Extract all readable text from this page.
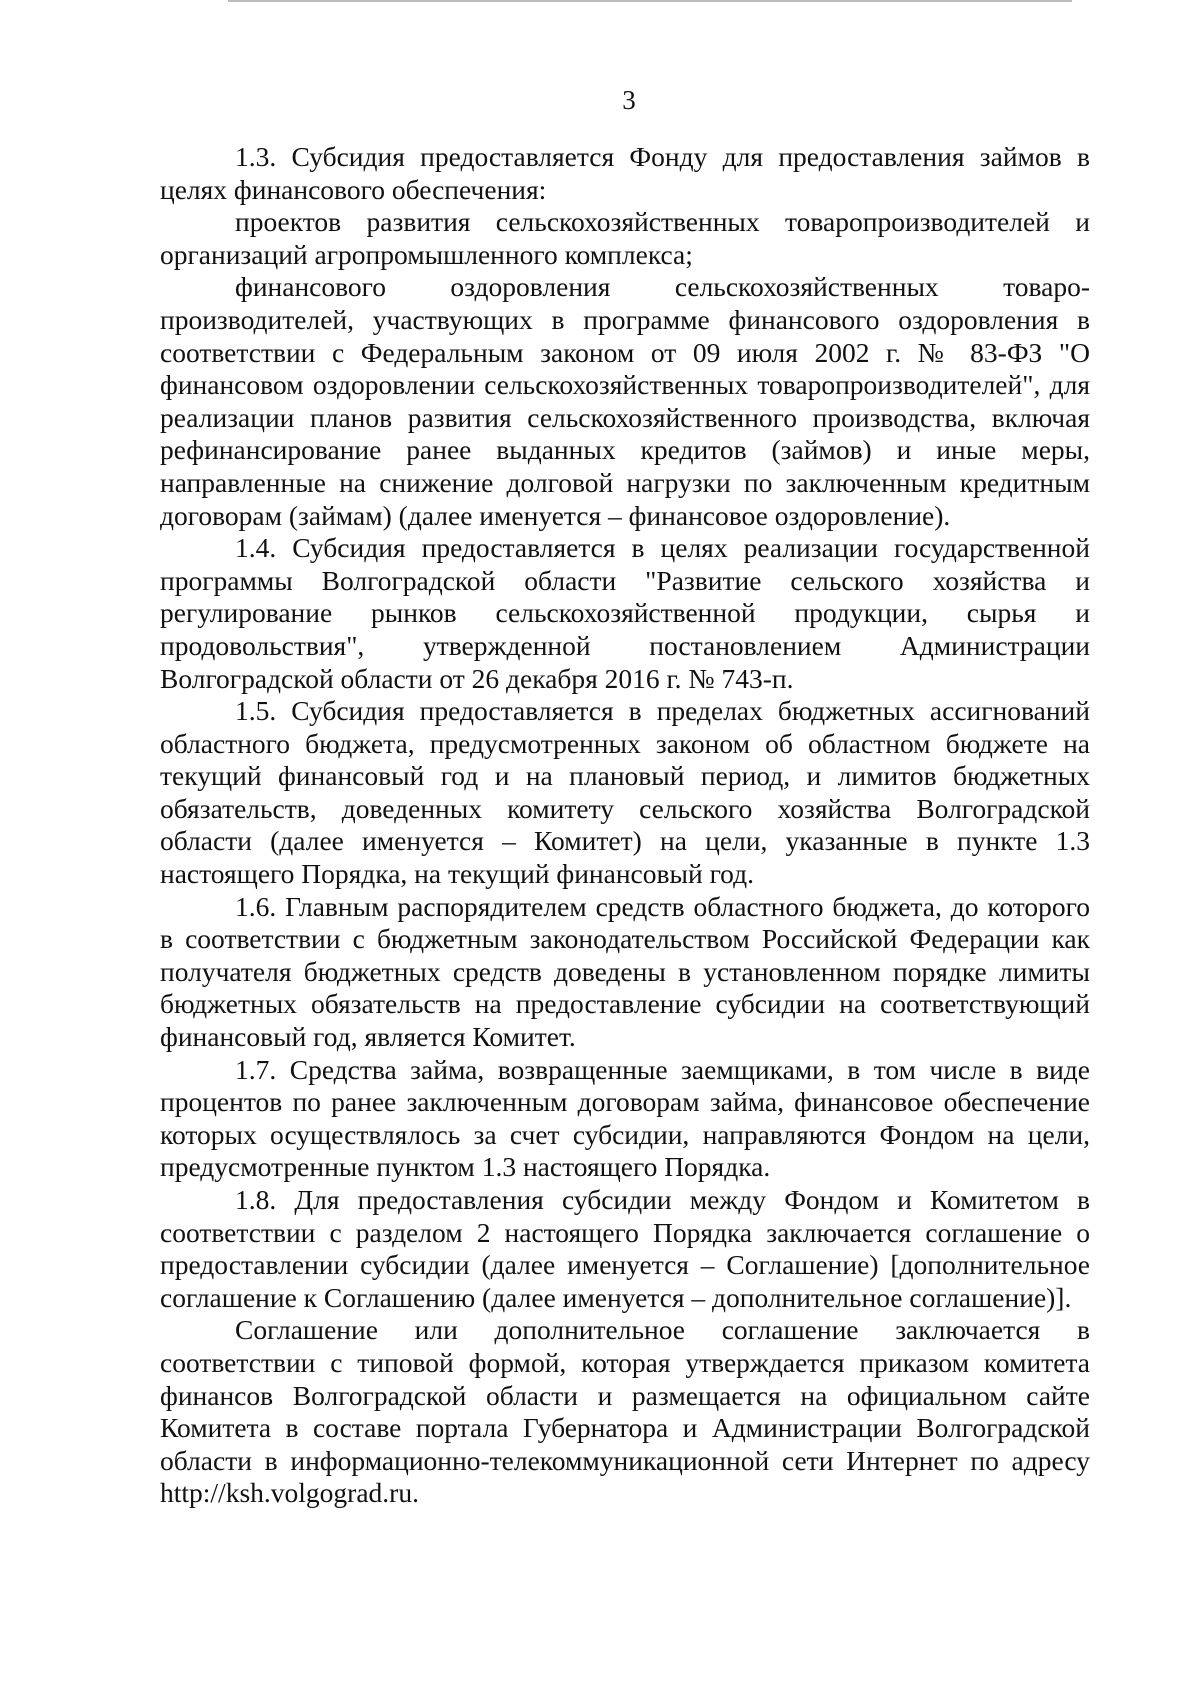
3

1.3. Субсидия предоставляется Фонду для предоставления займов в целях финансового обеспечения:

проектов развития сельскохозяйственных товаропроизводителей и организаций агропромышленного комплекса;

финансового оздоровления сельскохозяйственных товаропроизводителей, участвующих в программе финансового оздоровления в соответствии с Федеральным законом от 09 июля 2002 г. № 83-ФЗ "О финансовом оздоровлении сельскохозяйственных товаропроизводителей", для реализации планов развития сельскохозяйственного производства, включая рефинансирование ранее выданных кредитов (займов) и иные меры, направленные на снижение долговой нагрузки по заключенным кредитным договорам (займам) (далее именуется – финансовое оздоровление).

1.4. Субсидия предоставляется в целях реализации государственной программы Волгоградской области "Развитие сельского хозяйства и регулирование рынков сельскохозяйственной продукции, сырья и продовольствия", утвержденной постановлением Администрации Волгоградской области от 26 декабря 2016 г. № 743-п.

1.5. Субсидия предоставляется в пределах бюджетных ассигнований областного бюджета, предусмотренных законом об областном бюджете на текущий финансовый год и на плановый период, и лимитов бюджетных обязательств, доведенных комитету сельского хозяйства Волгоградской области (далее именуется – Комитет) на цели, указанные в пункте 1.3 настоящего Порядка, на текущий финансовый год.

1.6. Главным распорядителем средств областного бюджета, до которого в соответствии с бюджетным законодательством Российской Федерации как получателя бюджетных средств доведены в установленном порядке лимиты бюджетных обязательств на предоставление субсидии на соответствующий финансовый год, является Комитет.

1.7. Средства займа, возвращенные заемщиками, в том числе в виде процентов по ранее заключенным договорам займа, финансовое обеспечение которых осуществлялось за счет субсидии, направляются Фондом на цели, предусмотренные пунктом 1.3 настоящего Порядка.

1.8. Для предоставления субсидии между Фондом и Комитетом в соответствии с разделом 2 настоящего Порядка заключается соглашение о предоставлении субсидии (далее именуется – Соглашение) [дополнительное соглашение к Соглашению (далее именуется – дополнительное соглашение)].

Соглашение или дополнительное соглашение заключается в соответствии с типовой формой, которая утверждается приказом комитета финансов Волгоградской области и размещается на официальном сайте Комитета в составе портала Губернатора и Администрации Волгоградской области в информационно-телекоммуникационной сети Интернет по адресу http://ksh.volgograd.ru.
